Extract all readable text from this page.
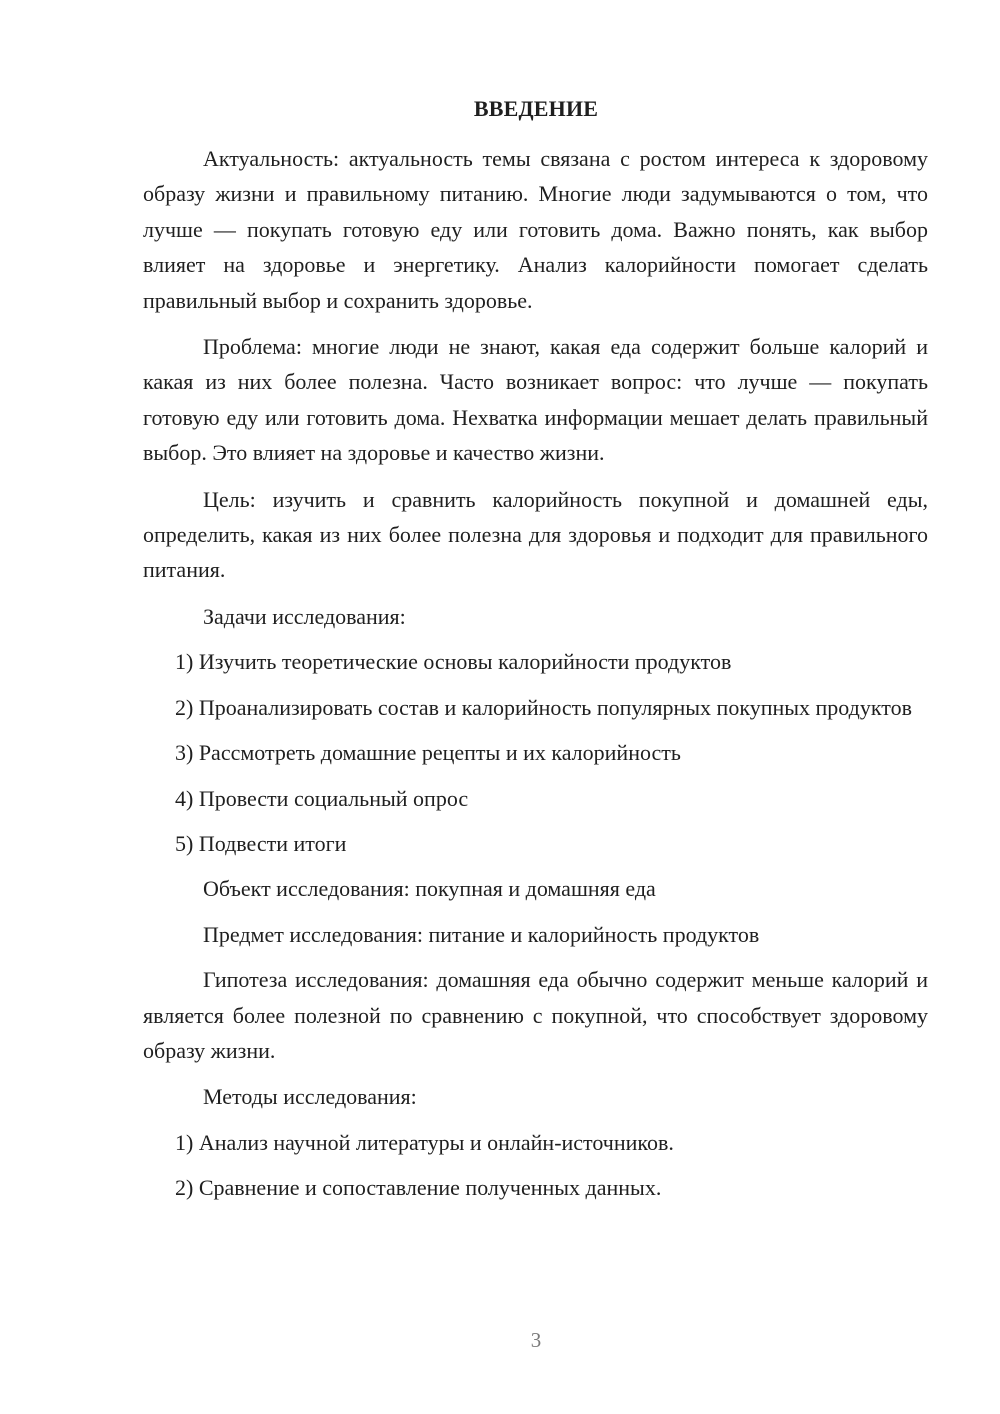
ВВЕДЕНИЕ

Актуальность: актуальность темы связана с ростом интереса к здоровому образу жизни и правильному питанию. Многие люди задумываются о том, что лучше — покупать готовую еду или готовить дома. Важно понять, как выбор влияет на здоровье и энергетику. Анализ калорийности помогает сделать правильный выбор и сохранить здоровье.

Проблема: многие люди не знают, какая еда содержит больше калорий и какая из них более полезна. Часто возникает вопрос: что лучше — покупать готовую еду или готовить дома. Нехватка информации мешает делать правильный выбор. Это влияет на здоровье и качество жизни.

Цель: изучить и сравнить калорийность покупной и домашней еды, определить, какая из них более полезна для здоровья и подходит для правильного питания.

Задачи исследования:

1) Изучить теоретические основы калорийности продуктов

2) Проанализировать состав и калорийность популярных покупных продуктов

3) Рассмотреть домашние рецепты и их калорийность

4) Провести социальный опрос

5) Подвести итоги

Объект исследования: покупная и домашняя еда

Предмет исследования: питание и калорийность продуктов

Гипотеза исследования: домашняя еда обычно содержит меньше калорий и является более полезной по сравнению с покупной, что способствует здоровому образу жизни.

Методы исследования:

1) Анализ научной литературы и онлайн-источников.

2) Сравнение и сопоставление полученных данных.

3
